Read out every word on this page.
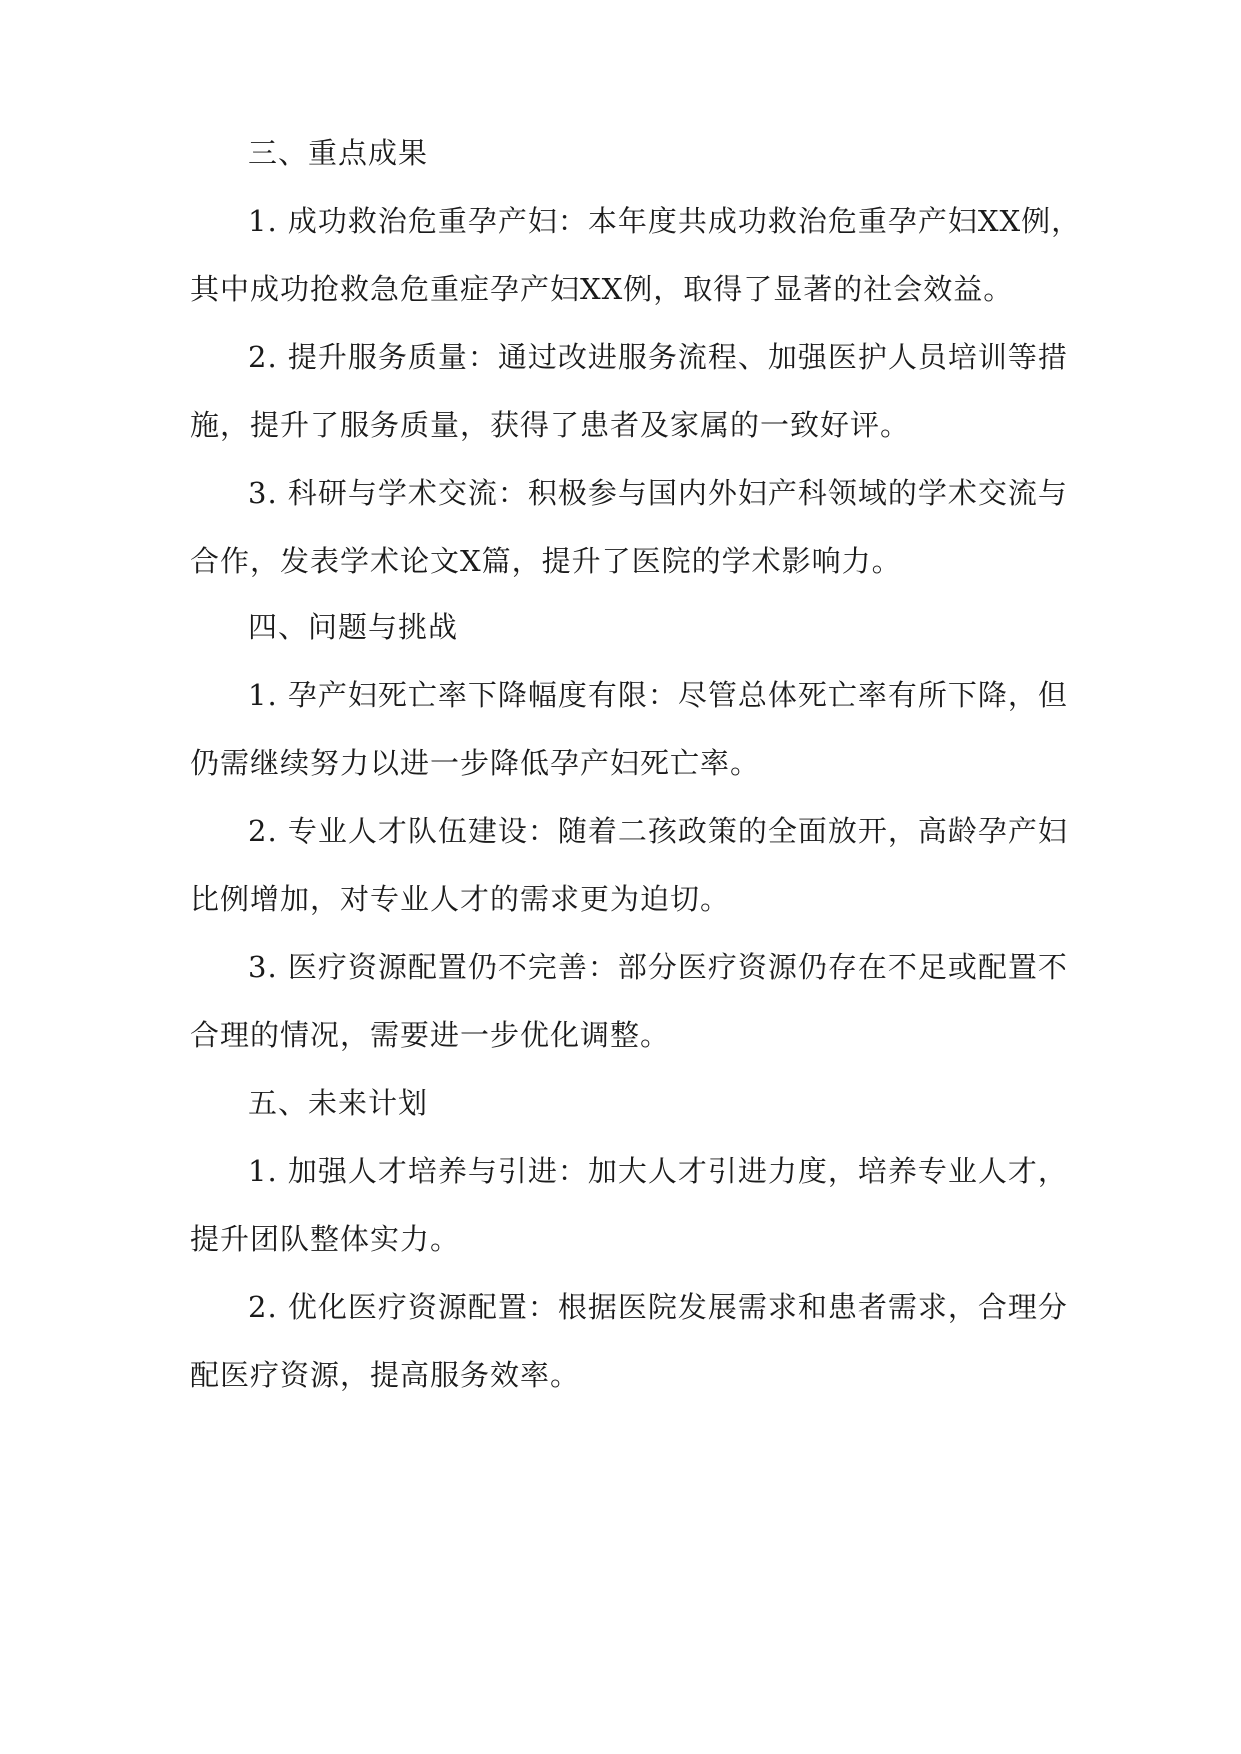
三、重点成果

1. 成功救治危重孕产妇：本年度共成功救治危重孕产妇XX例，

其中成功抢救急危重症孕产妇XX例，取得了显著的社会效益。

2. 提升服务质量：通过改进服务流程、加强医护人员培训等措

施，提升了服务质量，获得了患者及家属的一致好评。

3. 科研与学术交流：积极参与国内外妇产科领域的学术交流与

合作，发表学术论文X篇，提升了医院的学术影响力。

四、问题与挑战

1. 孕产妇死亡率下降幅度有限：尽管总体死亡率有所下降，但

仍需继续努力以进一步降低孕产妇死亡率。

2. 专业人才队伍建设：随着二孩政策的全面放开，高龄孕产妇

比例增加，对专业人才的需求更为迫切。

3. 医疗资源配置仍不完善：部分医疗资源仍存在不足或配置不

合理的情况，需要进一步优化调整。

五、未来计划

1. 加强人才培养与引进：加大人才引进力度，培养专业人才，

提升团队整体实力。

2. 优化医疗资源配置：根据医院发展需求和患者需求，合理分

配医疗资源，提高服务效率。
